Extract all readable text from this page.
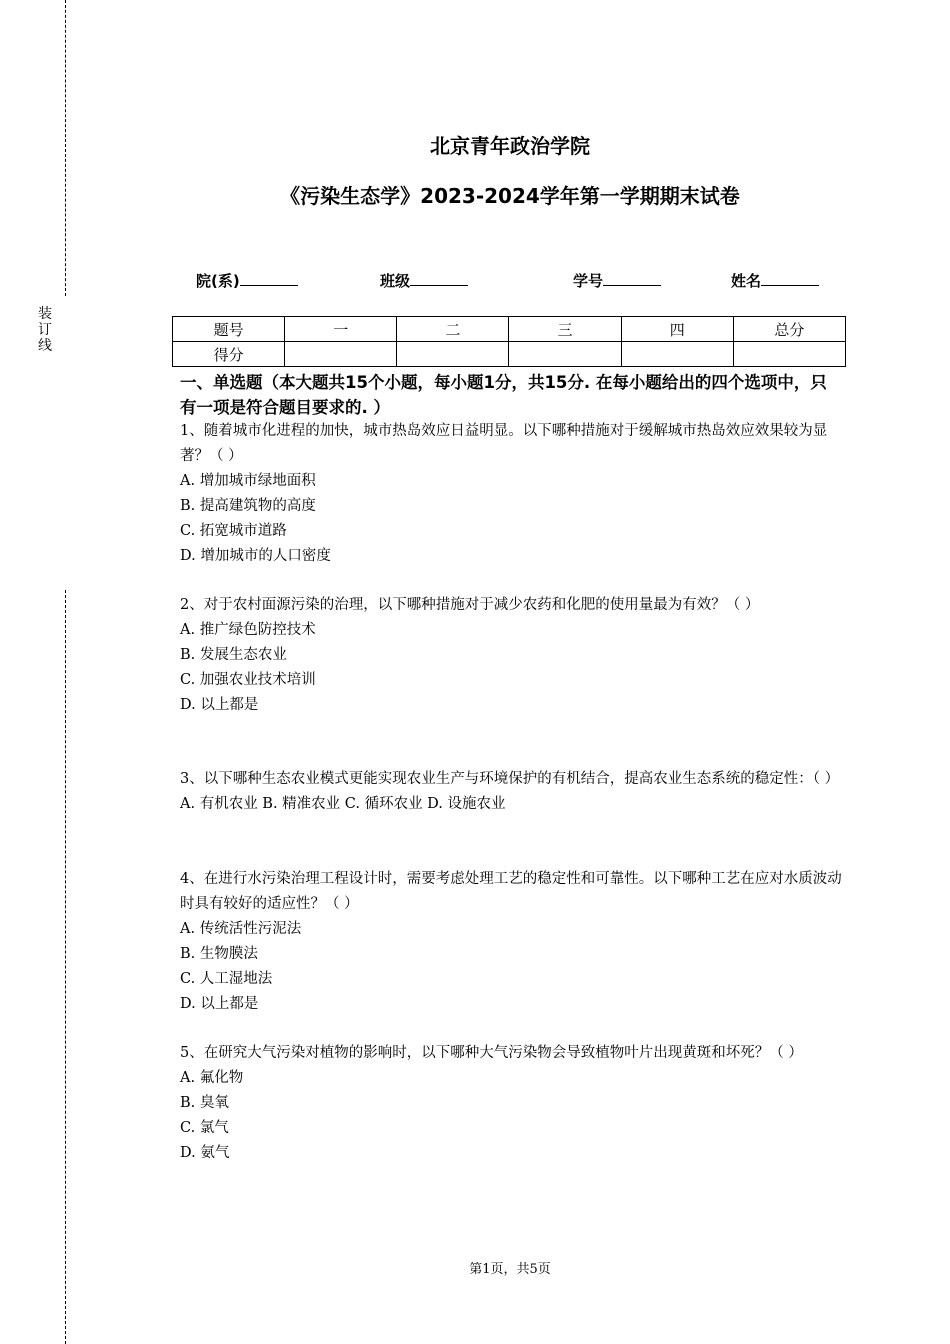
装
订
线
北京青年政治学院
《污染生态学》2023-2024学年第一学期期末试卷
院(系)	班级	学号	姓名
题号	一	二	三	四	总分
得分					
一、单选题（本大题共15个小题，每小题1分，共15分. 在每小题给出的四个选项中，只有一项是符合题目要求的. ）

1、随着城市化进程的加快，城市热岛效应日益明显。以下哪种措施对于缓解城市热岛效应效果较为显著？（ ）

A. 增加城市绿地面积

B. 提高建筑物的高度

C. 拓宽城市道路

D. 增加城市的人口密度

2、对于农村面源污染的治理，以下哪种措施对于减少农药和化肥的使用量最为有效？（ ）

A. 推广绿色防控技术

B. 发展生态农业

C. 加强农业技术培训

D. 以上都是

3、以下哪种生态农业模式更能实现农业生产与环境保护的有机结合，提高农业生态系统的稳定性：（ ）

A. 有机农业 B. 精准农业 C. 循环农业 D. 设施农业

4、在进行水污染治理工程设计时，需要考虑处理工艺的稳定性和可靠性。以下哪种工艺在应对水质波动时具有较好的适应性？（ ）

A. 传统活性污泥法

B. 生物膜法

C. 人工湿地法

D. 以上都是

5、在研究大气污染对植物的影响时，以下哪种大气污染物会导致植物叶片出现黄斑和坏死？（ ）

A. 氟化物

B. 臭氧

C. 氯气

D. 氨气

第1页，共5页
